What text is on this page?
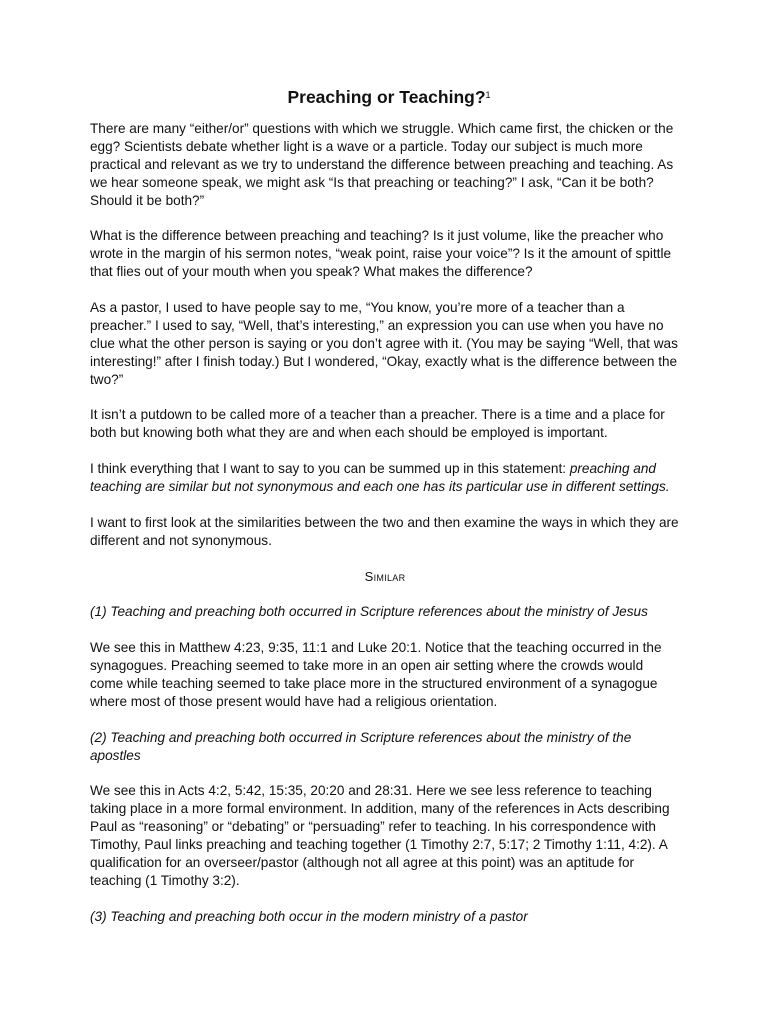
Preaching or Teaching?$^1$

There are many “either/or” questions with which we struggle. Which came first, the chicken or the egg? Scientists debate whether light is a wave or a particle. Today our subject is much more practical and relevant as we try to understand the difference between preaching and teaching. As we hear someone speak, we might ask “Is that preaching or teaching?” I ask, “Can it be both? Should it be both?”

What is the difference between preaching and teaching? Is it just volume, like the preacher who wrote in the margin of his sermon notes, “weak point, raise your voice”? Is it the amount of spittle that flies out of your mouth when you speak? What makes the difference?

As a pastor, I used to have people say to me, “You know, you’re more of a teacher than a preacher.” I used to say, “Well, that’s interesting,” an expression you can use when you have no clue what the other person is saying or you don’t agree with it. (You may be saying “Well, that was interesting!” after I finish today.) But I wondered, “Okay, exactly what is the difference between the two?”

It isn’t a putdown to be called more of a teacher than a preacher. There is a time and a place for both but knowing both what they are and when each should be employed is important.

I think everything that I want to say to you can be summed up in this statement: preaching and teaching are similar but not synonymous and each one has its particular use in different settings.

I want to first look at the similarities between the two and then examine the ways in which they are different and not synonymous.

Similar

(1) Teaching and preaching both occurred in Scripture references about the ministry of Jesus

We see this in Matthew 4:23, 9:35, 11:1 and Luke 20:1. Notice that the teaching occurred in the synagogues. Preaching seemed to take more in an open air setting where the crowds would come while teaching seemed to take place more in the structured environment of a synagogue where most of those present would have had a religious orientation.

(2) Teaching and preaching both occurred in Scripture references about the ministry of the apostles

We see this in Acts 4:2, 5:42, 15:35, 20:20 and 28:31. Here we see less reference to teaching taking place in a more formal environment. In addition, many of the references in Acts describing Paul as “reasoning” or “debating” or “persuading” refer to teaching. In his correspondence with Timothy, Paul links preaching and teaching together (1 Timothy 2:7, 5:17; 2 Timothy 1:11, 4:2). A qualification for an overseer/pastor (although not all agree at this point) was an aptitude for teaching (1 Timothy 3:2).

(3) Teaching and preaching both occur in the modern ministry of a pastor
